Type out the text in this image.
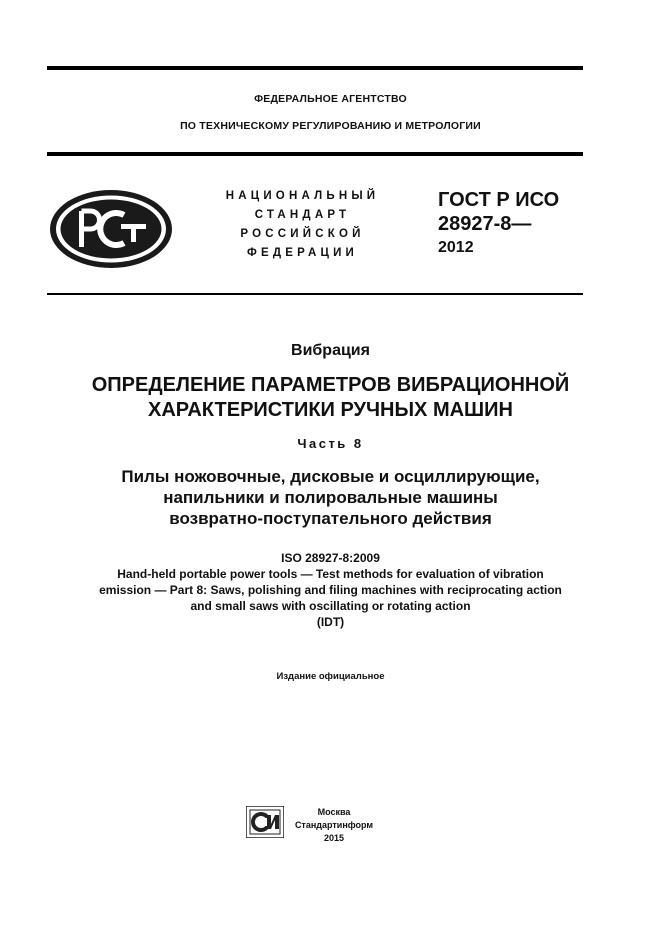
ФЕДЕРАЛЬНОЕ АГЕНТСТВО
ПО ТЕХНИЧЕСКОМУ РЕГУЛИРОВАНИЮ И МЕТРОЛОГИИ
НАЦИОНАЛЬНЫЙ
СТАНДАРТ
РОССИЙСКОЙ
ФЕДЕРАЦИИ
ГОСТ Р ИСО
28927-8—
2012
Вибрация
ОПРЕДЕЛЕНИЕ ПАРАМЕТРОВ ВИБРАЦИОННОЙ
ХАРАКТЕРИСТИКИ РУЧНЫХ МАШИН
Часть 8
Пилы ножовочные, дисковые и осциллирующие,
напильники и полировальные машины
возвратно-поступательного действия
ISO 28927-8:2009
Hand-held portable power tools — Test methods for evaluation of vibration
emission — Part 8: Saws, polishing and filing machines with reciprocating action
and small saws with oscillating or rotating action
(IDT)
Издание официальное
Москва
Стандартинформ
2015
